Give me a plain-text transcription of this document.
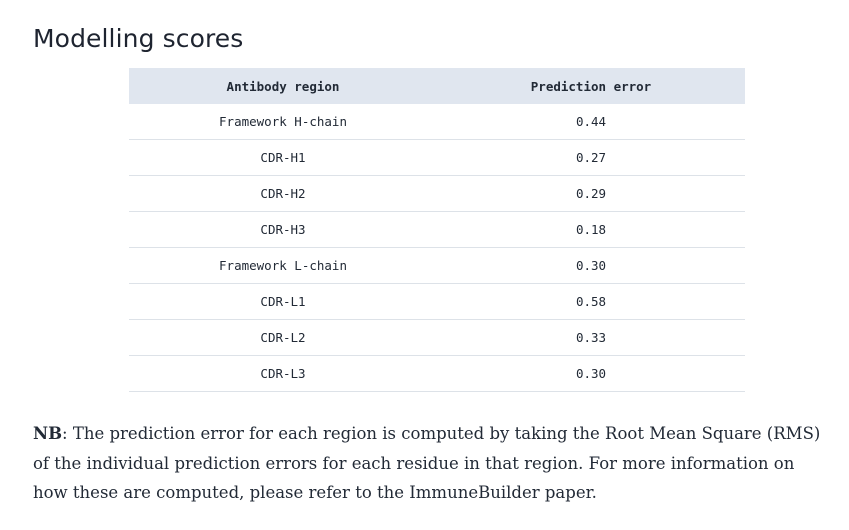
Modelling scores
Antibody region	Prediction error
Framework H-chain	0.44
CDR-H1	0.27
CDR-H2	0.29
CDR-H3	0.18
Framework L-chain	0.30
CDR-L1	0.58
CDR-L2	0.33
CDR-L3	0.30

NB: The prediction error for each region is computed by taking the Root Mean Square (RMS) of the individual prediction errors for each residue in that region. For more information on how these are computed, please refer to the ImmuneBuilder paper.
